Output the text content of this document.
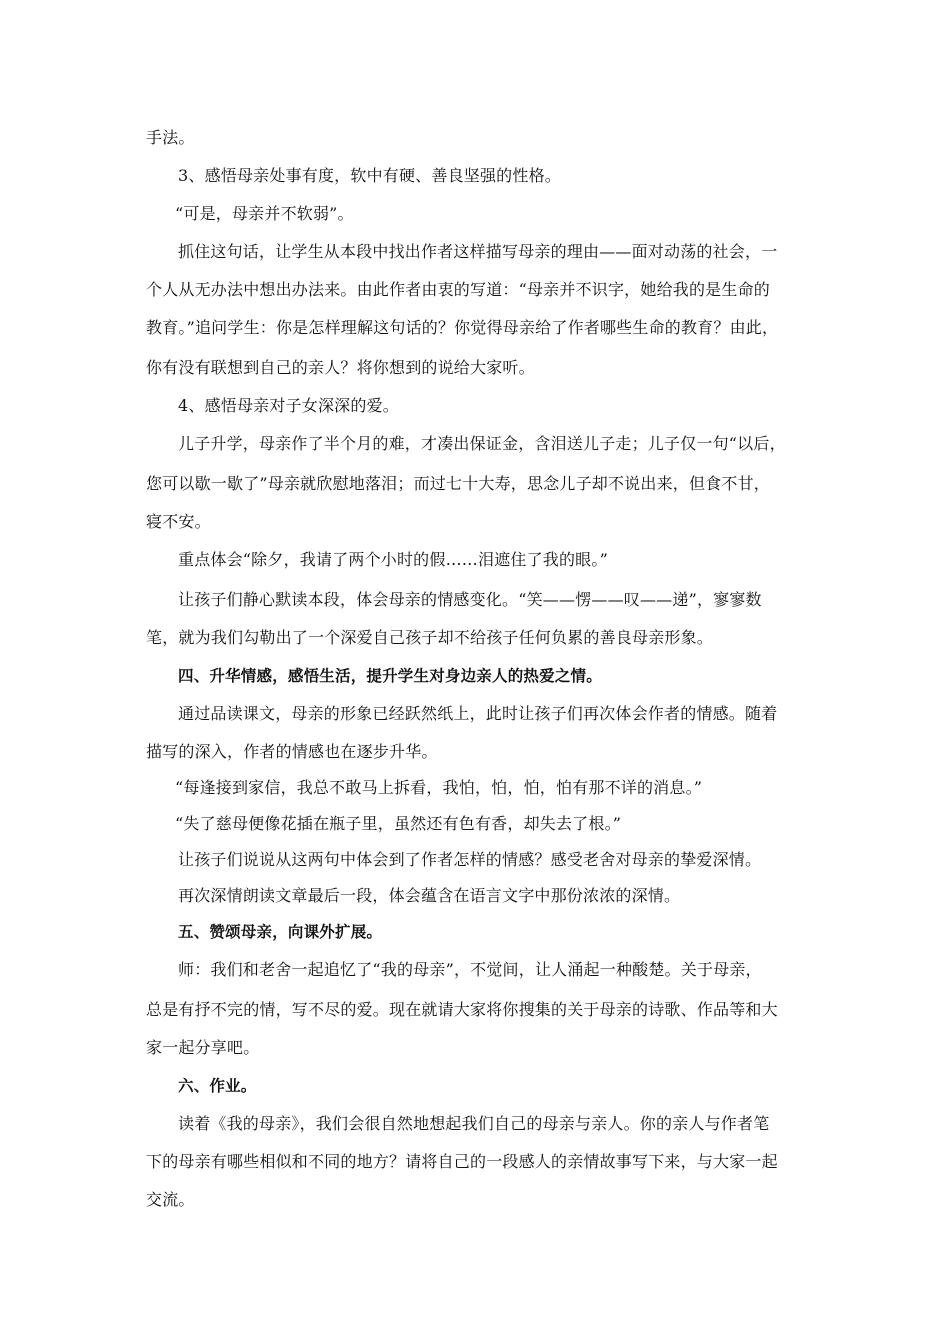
手法。
3、感悟母亲处事有度，软中有硬、善良坚强的性格。
“可是，母亲并不软弱”。
抓住这句话，让学生从本段中找出作者这样描写母亲的理由——面对动荡的社会，一
个人从无办法中想出办法来。由此作者由衷的写道：“母亲并不识字，她给我的是生命的
教育。”追问学生：你是怎样理解这句话的？你觉得母亲给了作者哪些生命的教育？由此，
你有没有联想到自己的亲人？将你想到的说给大家听。
4、感悟母亲对子女深深的爱。
儿子升学，母亲作了半个月的难，才凑出保证金，含泪送儿子走；儿子仅一句“以后，
您可以歇一歇了”母亲就欣慰地落泪；而过七十大寿，思念儿子却不说出来，但食不甘，
寝不安。
重点体会“除夕，我请了两个小时的假……泪遮住了我的眼。”
让孩子们静心默读本段，体会母亲的情感变化。“笑——愣——叹——递”，寥寥数
笔，就为我们勾勒出了一个深爱自己孩子却不给孩子任何负累的善良母亲形象。
四、升华情感，感悟生活，提升学生对身边亲人的热爱之情。
通过品读课文，母亲的形象已经跃然纸上，此时让孩子们再次体会作者的情感。随着
描写的深入，作者的情感也在逐步升华。
“每逢接到家信，我总不敢马上拆看，我怕，怕，怕，怕有那不详的消息。”
“失了慈母便像花插在瓶子里，虽然还有色有香，却失去了根。”
让孩子们说说从这两句中体会到了作者怎样的情感？感受老舍对母亲的挚爱深情。
再次深情朗读文章最后一段，体会蕴含在语言文字中那份浓浓的深情。
五、赞颂母亲，向课外扩展。
师：我们和老舍一起追忆了“我的母亲”，不觉间，让人涌起一种酸楚。关于母亲，
总是有抒不完的情，写不尽的爱。现在就请大家将你搜集的关于母亲的诗歌、作品等和大
家一起分享吧。
六、作业。
读着《我的母亲》，我们会很自然地想起我们自己的母亲与亲人。你的亲人与作者笔
下的母亲有哪些相似和不同的地方？请将自己的一段感人的亲情故事写下来，与大家一起
交流。
